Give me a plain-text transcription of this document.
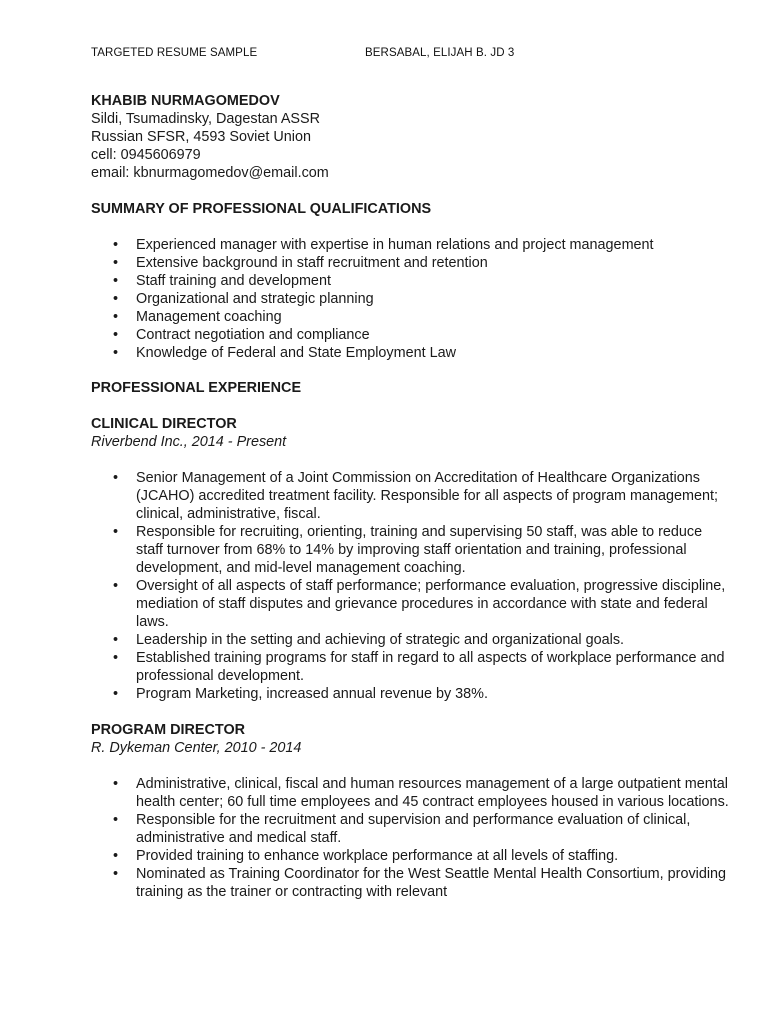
TARGETED RESUME SAMPLE	BERSABAL, ELIJAH B. JD 3

KHABIB NURMAGOMEDOV

Sildi, Tsumadinsky, Dagestan ASSR

Russian SFSR, 4593 Soviet Union

cell: 0945606979

email: kbnurmagomedov@email.com

SUMMARY OF PROFESSIONAL QUALIFICATIONS

• Experienced manager with expertise in human relations and project management
• Extensive background in staff recruitment and retention
• Staff training and development
• Organizational and strategic planning
• Management coaching
• Contract negotiation and compliance
• Knowledge of Federal and State Employment Law

PROFESSIONAL EXPERIENCE

CLINICAL DIRECTOR

Riverbend Inc., 2014 - Present

• Senior Management of a Joint Commission on Accreditation of Healthcare Organizations (JCAHO) accredited treatment facility. Responsible for all aspects of program management; clinical, administrative, fiscal.
• Responsible for recruiting, orienting, training and supervising 50 staff, was able to reduce staff turnover from 68% to 14% by improving staff orientation and training, professional development, and mid-level management coaching.
• Oversight of all aspects of staff performance; performance evaluation, progressive discipline, mediation of staff disputes and grievance procedures in accordance with state and federal laws.
• Leadership in the setting and achieving of strategic and organizational goals.
• Established training programs for staff in regard to all aspects of workplace performance and professional development.
• Program Marketing, increased annual revenue by 38%.

PROGRAM DIRECTOR

R. Dykeman Center, 2010 - 2014

• Administrative, clinical, fiscal and human resources management of a large outpatient mental health center; 60 full time employees and 45 contract employees housed in various locations.
• Responsible for the recruitment and supervision and performance evaluation of clinical, administrative and medical staff.
• Provided training to enhance workplace performance at all levels of staffing.
• Nominated as Training Coordinator for the West Seattle Mental Health Consortium, providing training as the trainer or contracting with relevant
